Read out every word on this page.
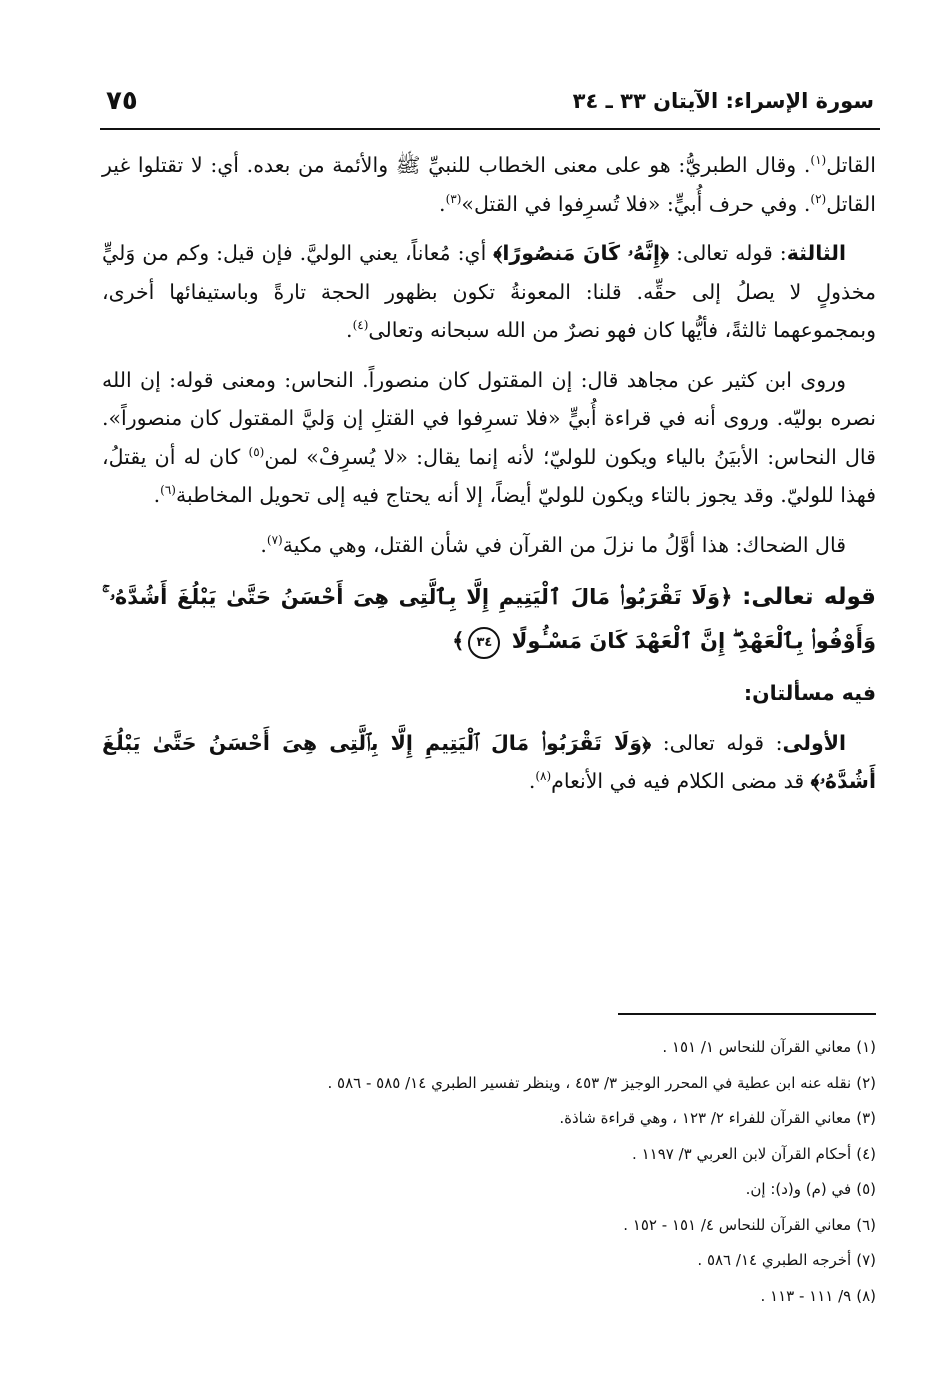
سورة الإسراء: الآيتان ٣٣ ـ ٣٤
٧٥

القاتل$^{(١)}$. وقال الطبريُّ: هو على معنى الخطاب للنبيِّ ﷺ والأئمة من بعده. أي: لا تقتلوا غير القاتل$^{(٢)}$. وفي حرف أُبيٍّ: «فلا تُسرِفوا في القتل»$^{(٣)}$.

الثالثة: قوله تعالى: ﴿إِنَّهُۥ كَانَ مَنصُورًا﴾ أي: مُعاناً، يعني الوليَّ. فإن قيل: وكم من وَليٍّ مخذولٍ لا يصلُ إلى حقِّه. قلنا: المعونةُ تكون بظهور الحجة تارةً وباستيفائها أخرى، وبمجموعهما ثالثةً، فأيُّها كان فهو نصرٌ من الله سبحانه وتعالى$^{(٤)}$.

وروى ابن كثير عن مجاهد قال: إن المقتول كان منصوراً. النحاس: ومعنى قوله: إن الله نصره بوليّه. وروى أنه في قراءة أُبيٍّ «فلا تسرِفوا في القتلِ إن وَليَّ المقتول كان منصوراً». قال النحاس: الأبيَنُ بالياء ويكون للوليّ؛ لأنه إنما يقال: «لا يُسرِفْ» لمن$^{(٥)}$ كان له أن يقتلُ، فهذا للوليّ. وقد يجوز بالتاء ويكون للوليّ أيضاً، إلا أنه يحتاج فيه إلى تحويل المخاطبة$^{(٦)}$.

قال الضحاك: هذا أوَّلُ ما نزلَ من القرآن في شأن القتل، وهي مكية$^{(٧)}$.

قوله تعالى: ﴿وَلَا تَقْرَبُوا۟ مَالَ ٱلْيَتِيمِ إِلَّا بِٱلَّتِى هِىَ أَحْسَنُ حَتَّىٰ يَبْلُغَ أَشُدَّهُۥ ۚ وَأَوْفُوا۟ بِٱلْعَهْدِ ۖ إِنَّ ٱلْعَهْدَ كَانَ مَسْـُٔولًا ٣٤﴾

فيه مسألتان:

الأولى: قوله تعالى: ﴿وَلَا تَقْرَبُوا۟ مَالَ ٱلْيَتِيمِ إِلَّا بِٱلَّتِى هِىَ أَحْسَنُ حَتَّىٰ يَبْلُغَ أَشُدَّهُۥ﴾ قد مضى الكلام فيه في الأنعام$^{(٨)}$.

(١)معاني القرآن للنحاس ١/ ١٥١ .
(٢)نقله عنه ابن عطية في المحرر الوجيز ٣/ ٤٥٣ ، وينظر تفسير الطبري ١٤/ ٥٨٥ - ٥٨٦ .
(٣)معاني القرآن للفراء ٢/ ١٢٣ ، وهي قراءة شاذة.
(٤)أحكام القرآن لابن العربي ٣/ ١١٩٧ .
(٥)في (م) و(د): إن.
(٦)معاني القرآن للنحاس ٤/ ١٥١ - ١٥٢ .
(٧)أخرجه الطبري ١٤/ ٥٨٦ .
(٨)٩/ ١١١ - ١١٣ .
